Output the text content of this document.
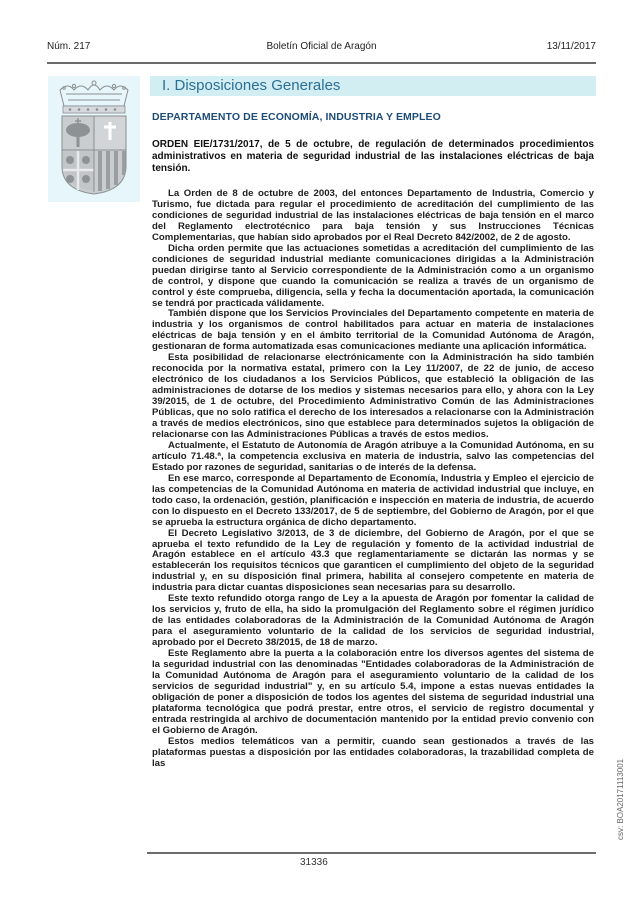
Núm. 217	Boletín Oficial de Aragón	13/11/2017
I. Disposiciones Generales
DEPARTAMENTO DE ECONOMÍA, INDUSTRIA Y EMPLEO
ORDEN EIE/1731/2017, de 5 de octubre, de regulación de determinados procedimientos administrativos en materia de seguridad industrial de las instalaciones eléctricas de baja tensión.

La Orden de 8 de octubre de 2003, del entonces Departamento de Industria, Comercio y Turismo, fue dictada para regular el procedimiento de acreditación del cumplimiento de las condiciones de seguridad industrial de las instalaciones eléctricas de baja tensión en el marco del Reglamento electrotécnico para baja tensión y sus Instrucciones Técnicas Complementarias, que habían sido aprobados por el Real Decreto 842/2002, de 2 de agosto.

Dicha orden permite que las actuaciones sometidas a acreditación del cumplimiento de las condiciones de seguridad industrial mediante comunicaciones dirigidas a la Administración puedan dirigirse tanto al Servicio correspondiente de la Administración como a un organismo de control, y dispone que cuando la comunicación se realiza a través de un organismo de control y éste comprueba, diligencia, sella y fecha la documentación aportada, la comunicación se tendrá por practicada válidamente.

También dispone que los Servicios Provinciales del Departamento competente en materia de industria y los organismos de control habilitados para actuar en materia de instalaciones eléctricas de baja tensión y en el ámbito territorial de la Comunidad Autónoma de Aragón, gestionaran de forma automatizada esas comunicaciones mediante una aplicación informática.

Esta posibilidad de relacionarse electrónicamente con la Administración ha sido también reconocida por la normativa estatal, primero con la Ley 11/2007, de 22 de junio, de acceso electrónico de los ciudadanos a los Servicios Públicos, que estableció la obligación de las administraciones de dotarse de los medios y sistemas necesarios para ello, y ahora con la Ley 39/2015, de 1 de octubre, del Procedimiento Administrativo Común de las Administraciones Públicas, que no solo ratifica el derecho de los interesados a relacionarse con la Administración a través de medios electrónicos, sino que establece para determinados sujetos la obligación de relacionarse con las Administraciones Públicas a través de estos medios.

Actualmente, el Estatuto de Autonomía de Aragón atribuye a la Comunidad Autónoma, en su artículo 71.48.ª, la competencia exclusiva en materia de industria, salvo las competencias del Estado por razones de seguridad, sanitarias o de interés de la defensa.

En ese marco, corresponde al Departamento de Economía, Industria y Empleo el ejercicio de las competencias de la Comunidad Autónoma en materia de actividad industrial que incluye, en todo caso, la ordenación, gestión, planificación e inspección en materia de industria, de acuerdo con lo dispuesto en el Decreto 133/2017, de 5 de septiembre, del Gobierno de Aragón, por el que se aprueba la estructura orgánica de dicho departamento.

El Decreto Legislativo 3/2013, de 3 de diciembre, del Gobierno de Aragón, por el que se aprueba el texto refundido de la Ley de regulación y fomento de la actividad industrial de Aragón establece en el artículo 43.3 que reglamentariamente se dictarán las normas y se establecerán los requisitos técnicos que garanticen el cumplimiento del objeto de la seguridad industrial y, en su disposición final primera, habilita al consejero competente en materia de industria para dictar cuantas disposiciones sean necesarias para su desarrollo.

Este texto refundido otorga rango de Ley a la apuesta de Aragón por fomentar la calidad de los servicios y, fruto de ella, ha sido la promulgación del Reglamento sobre el régimen jurídico de las entidades colaboradoras de la Administración de la Comunidad Autónoma de Aragón para el aseguramiento voluntario de la calidad de los servicios de seguridad industrial, aprobado por el Decreto 38/2015, de 18 de marzo.

Este Reglamento abre la puerta a la colaboración entre los diversos agentes del sistema de la seguridad industrial con las denominadas "Entidades colaboradoras de la Administración de la Comunidad Autónoma de Aragón para el aseguramiento voluntario de la calidad de los servicios de seguridad industrial" y, en su artículo 5.4, impone a estas nuevas entidades la obligación de poner a disposición de todos los agentes del sistema de seguridad industrial una plataforma tecnológica que podrá prestar, entre otros, el servicio de registro documental y entrada restringida al archivo de documentación mantenido por la entidad previo convenio con el Gobierno de Aragón.

Estos medios telemáticos van a permitir, cuando sean gestionados a través de las plataformas puestas a disposición por las entidades colaboradoras, la trazabilidad completa de las

31336
csv: BOA20171113001
